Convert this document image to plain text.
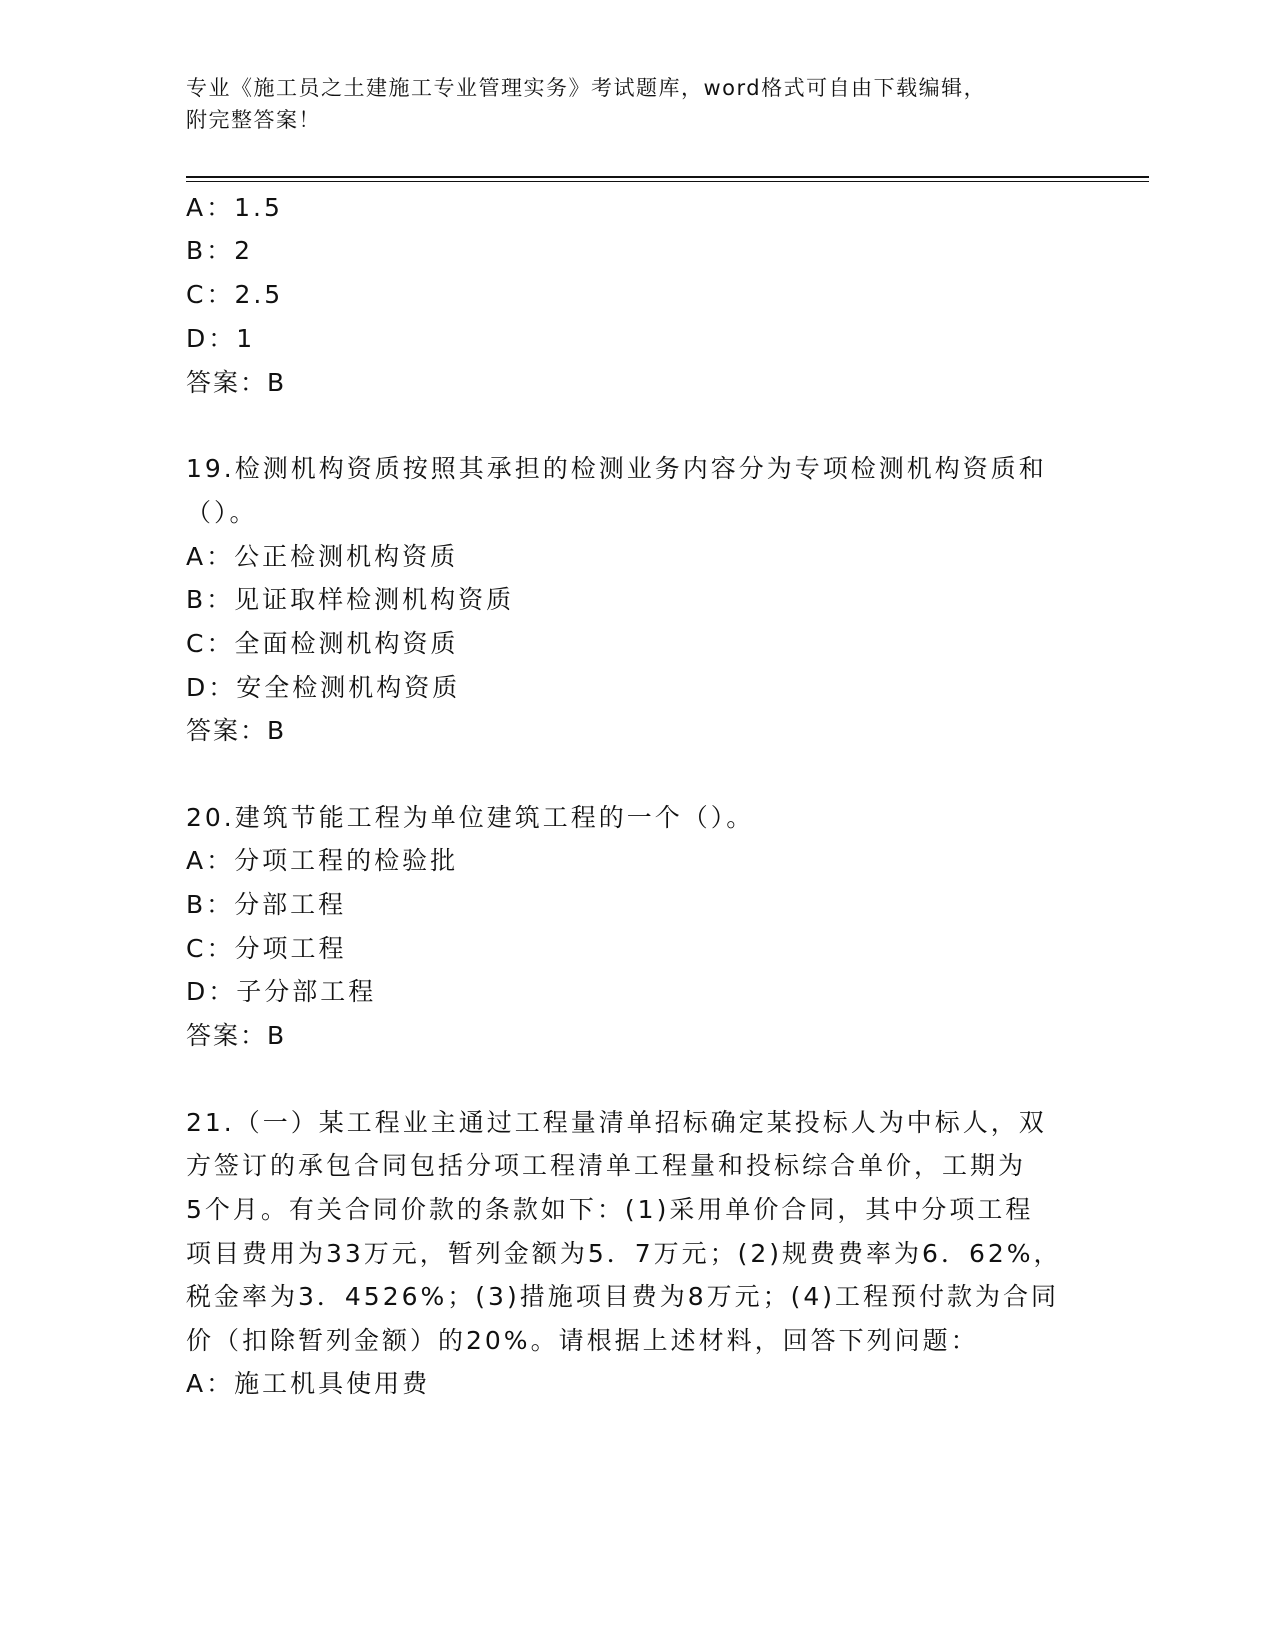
专业《施工员之土建施工专业管理实务》考试题库，word格式可自由下载编辑，
附完整答案！
A：1.5
B：2
C：2.5
D：1
答案：B
19.检测机构资质按照其承担的检测业务内容分为专项检测机构资质和
（）。
A：公正检测机构资质
B：见证取样检测机构资质
C：全面检测机构资质
D：安全检测机构资质
答案：B
20.建筑节能工程为单位建筑工程的一个（）。
A：分项工程的检验批
B：分部工程
C：分项工程
D：子分部工程
答案：B
21.（一）某工程业主通过工程量清单招标确定某投标人为中标人，双
方签订的承包合同包括分项工程清单工程量和投标综合单价，工期为
5个月。有关合同价款的条款如下：(1)采用单价合同，其中分项工程
项目费用为33万元，暂列金额为5．7万元；(2)规费费率为6．62%，
税金率为3．4526%；(3)措施项目费为8万元；(4)工程预付款为合同
价（扣除暂列金额）的20%。请根据上述材料，回答下列问题：
A：施工机具使用费
